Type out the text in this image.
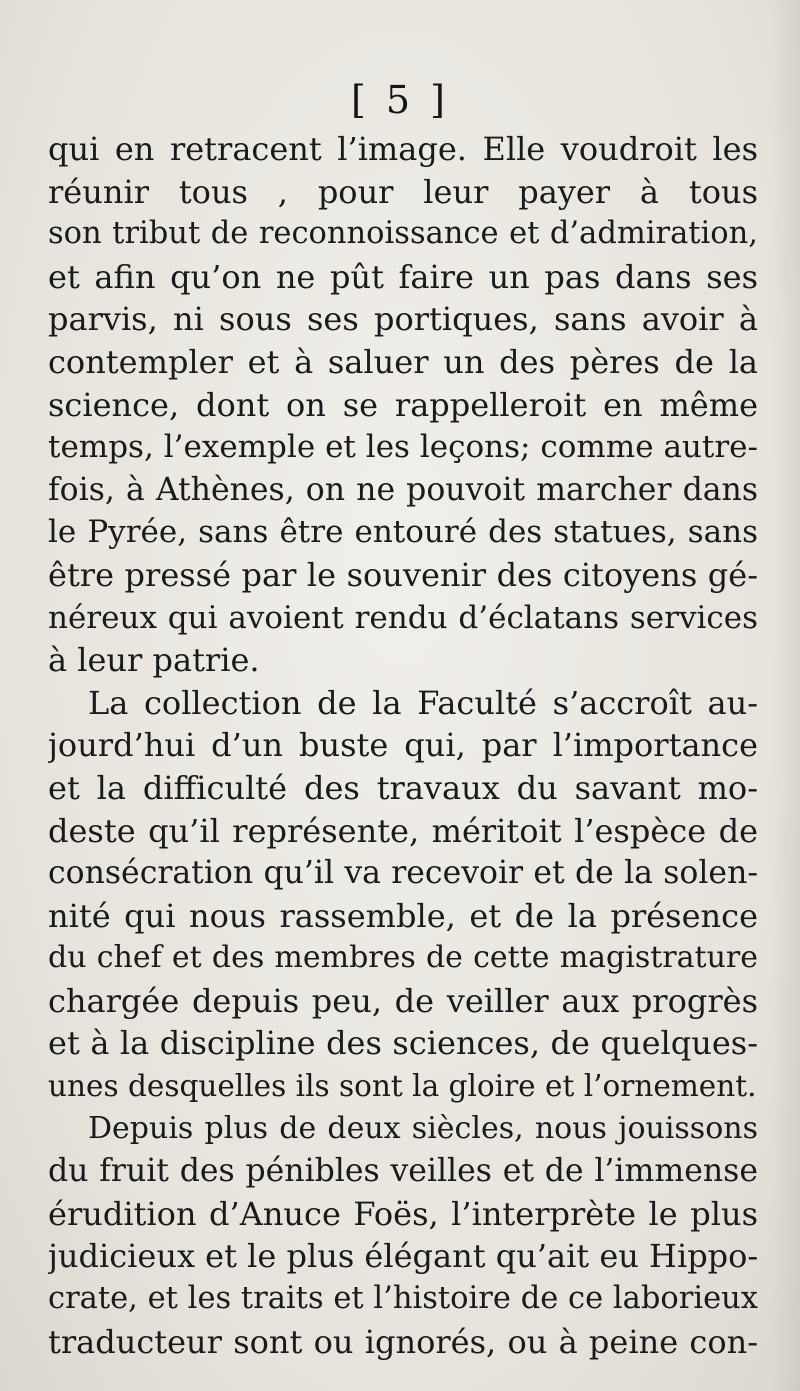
[ 5 ]
qui en retracent l’image. Elle voudroit les
réunir tous , pour leur payer à tous
son tribut de reconnoissance et d’admiration,
et afin qu’on ne pût faire un pas dans ses
parvis, ni sous ses portiques, sans avoir à
contempler et à saluer un des pères de la
science, dont on se rappelleroit en même
temps, l’exemple et les leçons; comme autre-
fois, à Athènes, on ne pouvoit marcher dans
le Pyrée, sans être entouré des statues, sans
être pressé par le souvenir des citoyens gé-
néreux qui avoient rendu d’éclatans services
à leur patrie.
La collection de la Faculté s’accroît au-
jourd’hui d’un buste qui, par l’importance
et la difficulté des travaux du savant mo-
deste qu’il représente, méritoit l’espèce de
consécration qu’il va recevoir et de la solen-
nité qui nous rassemble, et de la présence
du chef et des membres de cette magistrature
chargée depuis peu, de veiller aux progrès
et à la discipline des sciences, de quelques-
unes desquelles ils sont la gloire et l’ornement.
Depuis plus de deux siècles, nous jouissons
du fruit des pénibles veilles et de l’immense
érudition d’Anuce Foës, l’interprète le plus
judicieux et le plus élégant qu’ait eu Hippo-
crate, et les traits et l’histoire de ce laborieux
traducteur sont ou ignorés, ou à peine con-
